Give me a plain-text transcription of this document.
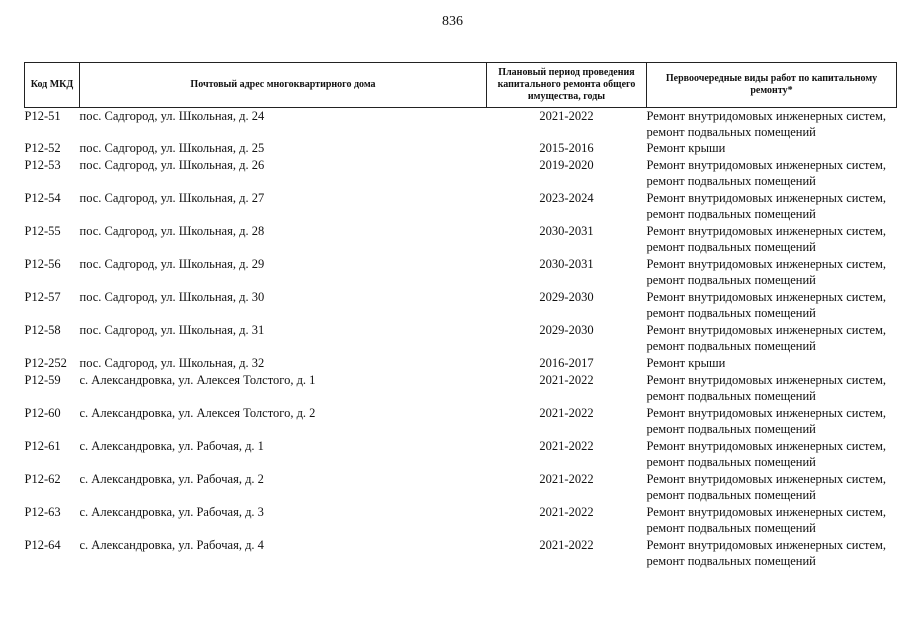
836
Код МКД	Почтовый адрес многоквартирного дома	Плановый период проведения капитального ремонта общего имущества, годы	Первоочередные виды работ по капитальному ремонту*
Р12-51	пос. Садгород, ул. Школьная, д. 24	2021-2022	Ремонт внутридомовых инженерных систем,
ремонт подвальных помещений

Р12-52	пос. Садгород, ул. Школьная, д. 25	2015-2016	Ремонт крыши

Р12-53	пос. Садгород, ул. Школьная, д. 26	2019-2020	Ремонт внутридомовых инженерных систем,
ремонт подвальных помещений

Р12-54	пос. Садгород, ул. Школьная, д. 27	2023-2024	Ремонт внутридомовых инженерных систем,
ремонт подвальных помещений

Р12-55	пос. Садгород, ул. Школьная, д. 28	2030-2031	Ремонт внутридомовых инженерных систем,
ремонт подвальных помещений

Р12-56	пос. Садгород, ул. Школьная, д. 29	2030-2031	Ремонт внутридомовых инженерных систем,
ремонт подвальных помещений

Р12-57	пос. Садгород, ул. Школьная, д. 30	2029-2030	Ремонт внутридомовых инженерных систем,
ремонт подвальных помещений

Р12-58	пос. Садгород, ул. Школьная, д. 31	2029-2030	Ремонт внутридомовых инженерных систем,
ремонт подвальных помещений

Р12-252	пос. Садгород, ул. Школьная, д. 32	2016-2017	Ремонт крыши

Р12-59	с. Александровка, ул. Алексея Толстого, д. 1	2021-2022	Ремонт внутридомовых инженерных систем,
ремонт подвальных помещений

Р12-60	с. Александровка, ул. Алексея Толстого, д. 2	2021-2022	Ремонт внутридомовых инженерных систем,
ремонт подвальных помещений

Р12-61	с. Александровка, ул. Рабочая, д. 1	2021-2022	Ремонт внутридомовых инженерных систем,
ремонт подвальных помещений

Р12-62	с. Александровка, ул. Рабочая, д. 2	2021-2022	Ремонт внутридомовых инженерных систем,
ремонт подвальных помещений

Р12-63	с. Александровка, ул. Рабочая, д. 3	2021-2022	Ремонт внутридомовых инженерных систем,
ремонт подвальных помещений

Р12-64	с. Александровка, ул. Рабочая, д. 4	2021-2022	Ремонт внутридомовых инженерных систем,
ремонт подвальных помещений
